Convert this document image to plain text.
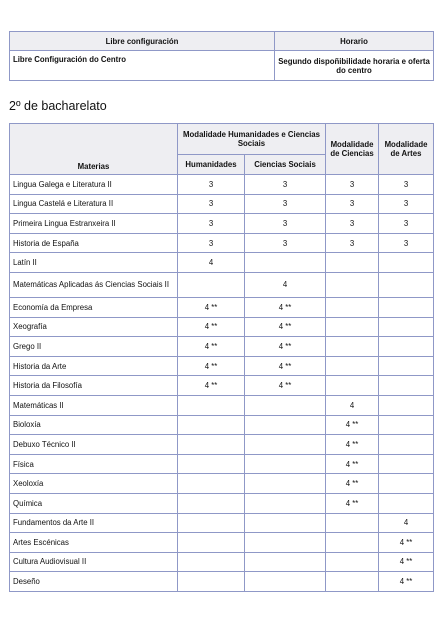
Libre configuración	Horario
Libre Configuración do Centro	Segundo dispoñibilidade horaria e oferta do centro
2º de bacharelato
Materias	Modalidade Humanidades e Ciencias Sociais		Modalidade de Ciencias	Modalidade de Artes
	Humanidades	Ciencias Sociais		
Lingua Galega e Literatura II	3	3	3	3
Lingua Castelá e Literatura II	3	3	3	3
Primeira Lingua Estranxeira II	3	3	3	3
Historia de España	3	3	3	3
Latín II	4			
Matemáticas Aplicadas ás Ciencias Sociais II		4		
Economía da Empresa	4 **	4 **		
Xeografía	4 **	4 **		
Grego II	4 **	4 **		
Historia da Arte	4 **	4 **		
Historia da Filosofía	4 **	4 **		
Matemáticas II			4	
Bioloxía			4 **	
Debuxo Técnico II			4 **	
Física			4 **	
Xeoloxía			4 **	
Química			4 **	
Fundamentos da Arte II				4
Artes Escénicas				4 **
Cultura Audiovisual II				4 **
Deseño				4 **
